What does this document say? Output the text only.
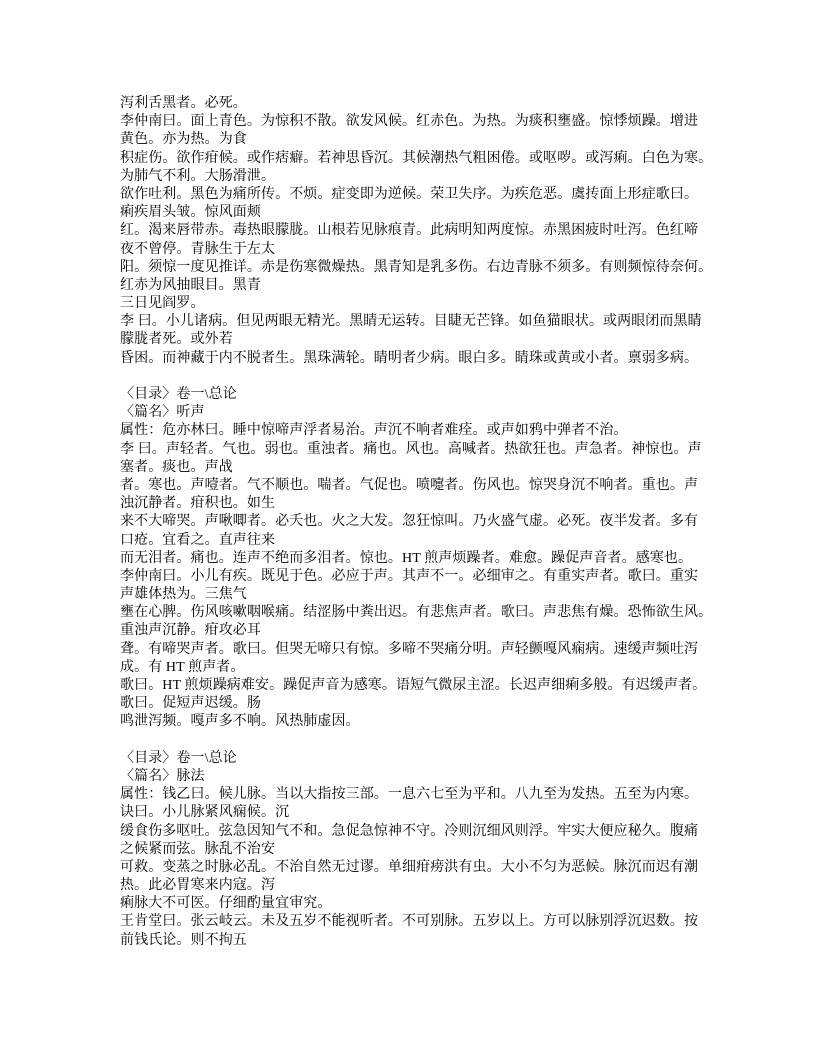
泻利舌黑者。必死。
李仲南曰。面上青色。为惊积不散。欲发风候。红赤色。为热。为痰积壅盛。惊悸烦躁。增进
黄色。亦为热。为食
积症伤。欲作疳候。或作痞癖。若神思昏沉。其候潮热气粗困倦。或呕哕。或泻痢。白色为寒。
为肺气不利。大肠滑泄。
欲作吐利。黑色为痛所传。不烦。症变即为逆候。荣卫失序。为疾危恶。虞抟面上形症歌曰。
痢疾眉头皱。惊风面颊
红。渴来唇带赤。毒热眼朦胧。山根若见脉痕青。此病明知两度惊。赤黑困疲时吐泻。色红啼
夜不曾停。青脉生于左太
阳。须惊一度见推详。赤是伤寒微燥热。黑青知是乳多伤。右边青脉不须多。有则频惊待奈何。
红赤为风抽眼目。黑青
三日见阎罗。
李 曰。小儿诸病。但见两眼无精光。黑睛无运转。目睫无芒锋。如鱼猫眼状。或两眼闭而黑睛
朦胧者死。或外若
昏困。而神藏于内不脱者生。黑珠满轮。睛明者少病。眼白多。睛珠或黄或小者。禀弱多病。
〈目录〉卷一\总论
〈篇名〉听声
属性：危亦林曰。睡中惊啼声浮者易治。声沉不响者难痊。或声如鸦中弹者不治。
李 曰。声轻者。气也。弱也。重浊者。痛也。风也。高喊者。热欲狂也。声急者。神惊也。声
塞者。痰也。声战
者。寒也。声噎者。气不顺也。喘者。气促也。喷嚏者。伤风也。惊哭身沉不响者。重也。声
浊沉静者。疳积也。如生
来不大啼哭。声啾唧者。必夭也。火之大发。忽狂惊叫。乃火盛气虚。必死。夜半发者。多有
口疮。宜看之。直声往来
而无泪者。痛也。连声不绝而多泪者。惊也。HT 煎声烦躁者。难愈。躁促声音者。感寒也。
李仲南曰。小儿有疾。既见于色。必应于声。其声不一。必细审之。有重实声者。歌曰。重实
声雄体热为。三焦气
壅在心脾。伤风咳嗽咽喉痛。结涩肠中粪出迟。有悲焦声者。歌曰。声悲焦有燥。恐怖欲生风。
重浊声沉静。疳攻必耳
聋。有啼哭声者。歌曰。但哭无啼只有惊。多啼不哭痛分明。声轻颤嘎风痫病。速缓声频吐泻
成。有 HT 煎声者。
歌曰。HT 煎烦躁病难安。躁促声音为感寒。语短气微尿主涩。长迟声细痢多般。有迟缓声者。
歌曰。促短声迟缓。肠
鸣泄泻频。嘎声多不响。风热肺虚因。
〈目录〉卷一\总论
〈篇名〉脉法
属性：钱乙曰。候儿脉。当以大指按三部。一息六七至为平和。八九至为发热。五至为内寒。
诀曰。小儿脉紧风痫候。沉
缓食伤多呕吐。弦急因知气不和。急促急惊神不守。冷则沉细风则浮。牢实大便应秘久。腹痛
之候紧而弦。脉乱不治安
可救。变蒸之时脉必乱。不治自然无过谬。单细疳痨洪有虫。大小不匀为恶候。脉沉而迟有潮
热。此必胃寒来内寇。泻
痢脉大不可医。仔细酌量宜审究。
王肯堂曰。张云岐云。未及五岁不能视听者。不可别脉。五岁以上。方可以脉别浮沉迟数。按
前钱氏论。则不拘五
